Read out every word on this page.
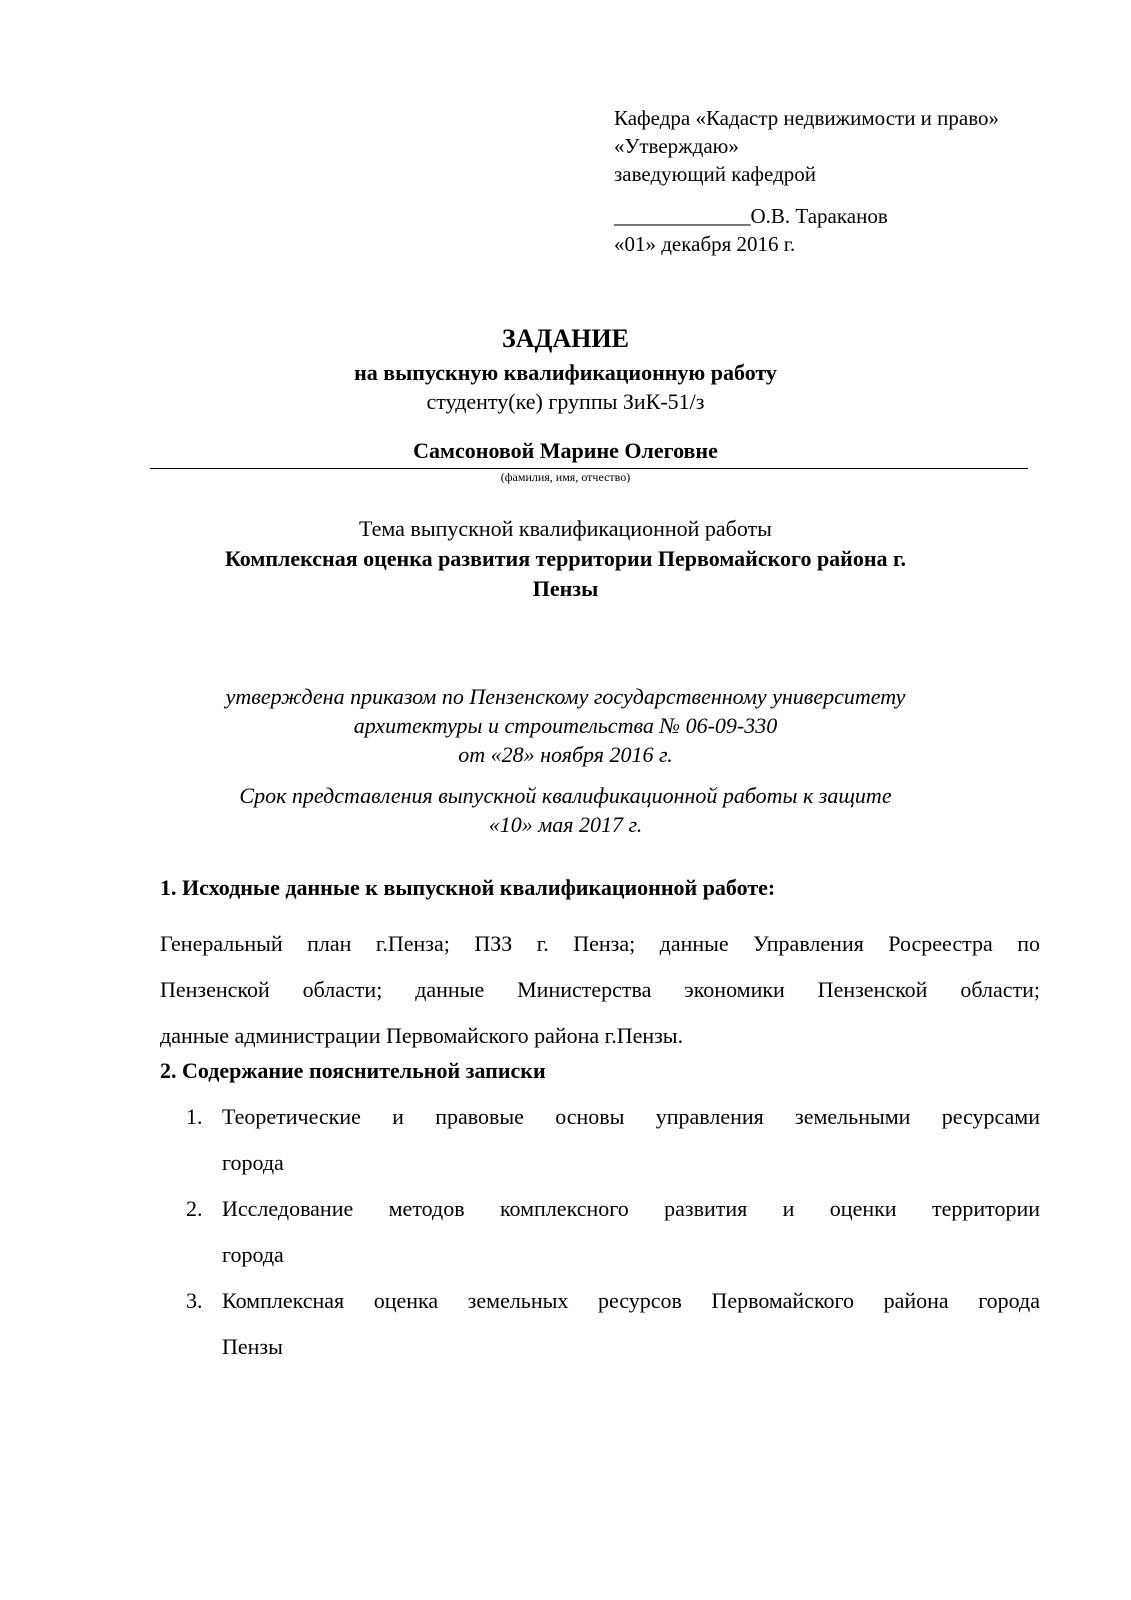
Кафедра «Кадастр недвижимости и право»
«Утверждаю»
заведующий кафедрой
_____________О.В. Тараканов
«01» декабря 2016 г.
ЗАДАНИЕ
на выпускную квалификационную работу
студенту(ке) группы ЗиК-51/з
Самсоновой Марине Олеговне
(фамилия, имя, отчество)
Тема выпускной квалификационной работы
Комплексная оценка развития территории Первомайского района г.
Пензы
утверждена приказом по Пензенскому государственному университету
архитектуры и строительства № 06-09-330
от «28» ноября 2016 г.
Срок представления выпускной квалификационной работы к защите
«10» мая 2017 г.
1. Исходные данные к выпускной квалификационной работе:
Генеральный план г.Пенза; ПЗЗ г. Пенза; данные Управления Росреестра по
Пензенской области; данные Министерства экономики Пензенской области;
данные администрации Первомайского района г.Пензы.
2. Содержание пояснительной записки
1. Теоретические и правовые основы управления земельными ресурсами
города
2. Исследование методов комплексного развития и оценки территории
города
3. Комплексная оценка земельных ресурсов Первомайского района города
Пензы
